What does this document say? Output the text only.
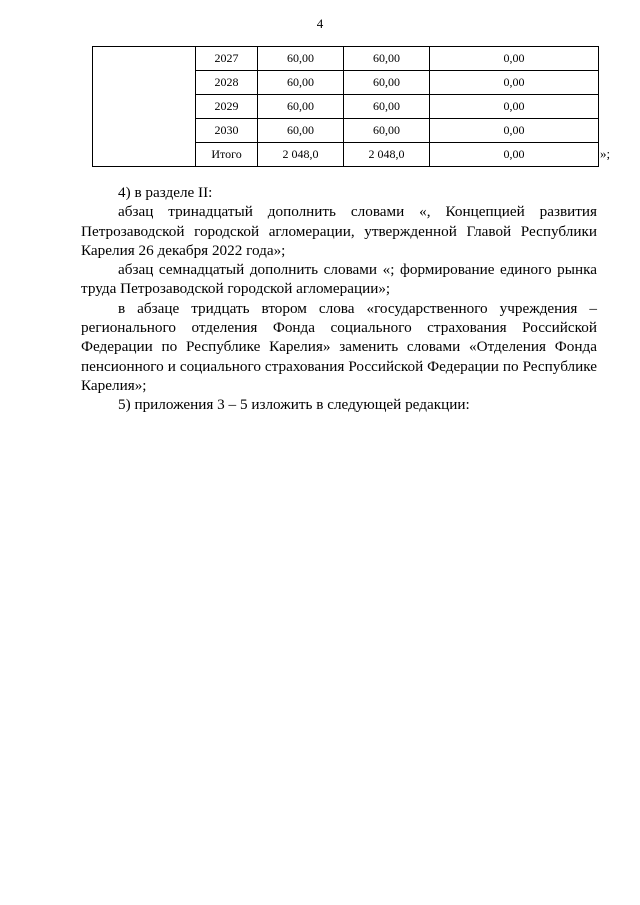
4
	2027	60,00	60,00	0,00
	2028	60,00	60,00	0,00
	2029	60,00	60,00	0,00
	2030	60,00	60,00	0,00
	Итого	2 048,0	2 048,0	0,00	»;

4) в разделе II:

абзац тринадцатый дополнить словами «, Концепцией развития Петрозаводской городской агломерации, утвержденной Главой Республики Карелия 26 декабря 2022 года»;

абзац семнадцатый дополнить словами «; формирование единого рынка труда Петрозаводской городской агломерации»;

в абзаце тридцать втором слова «государственного учреждения – регионального отделения Фонда социального страхования Российской Федерации по Республике Карелия» заменить словами «Отделения Фонда пенсионного и социального страхования Российской Федерации по Республике Карелия»;

5) приложения 3 – 5 изложить в следующей редакции:
